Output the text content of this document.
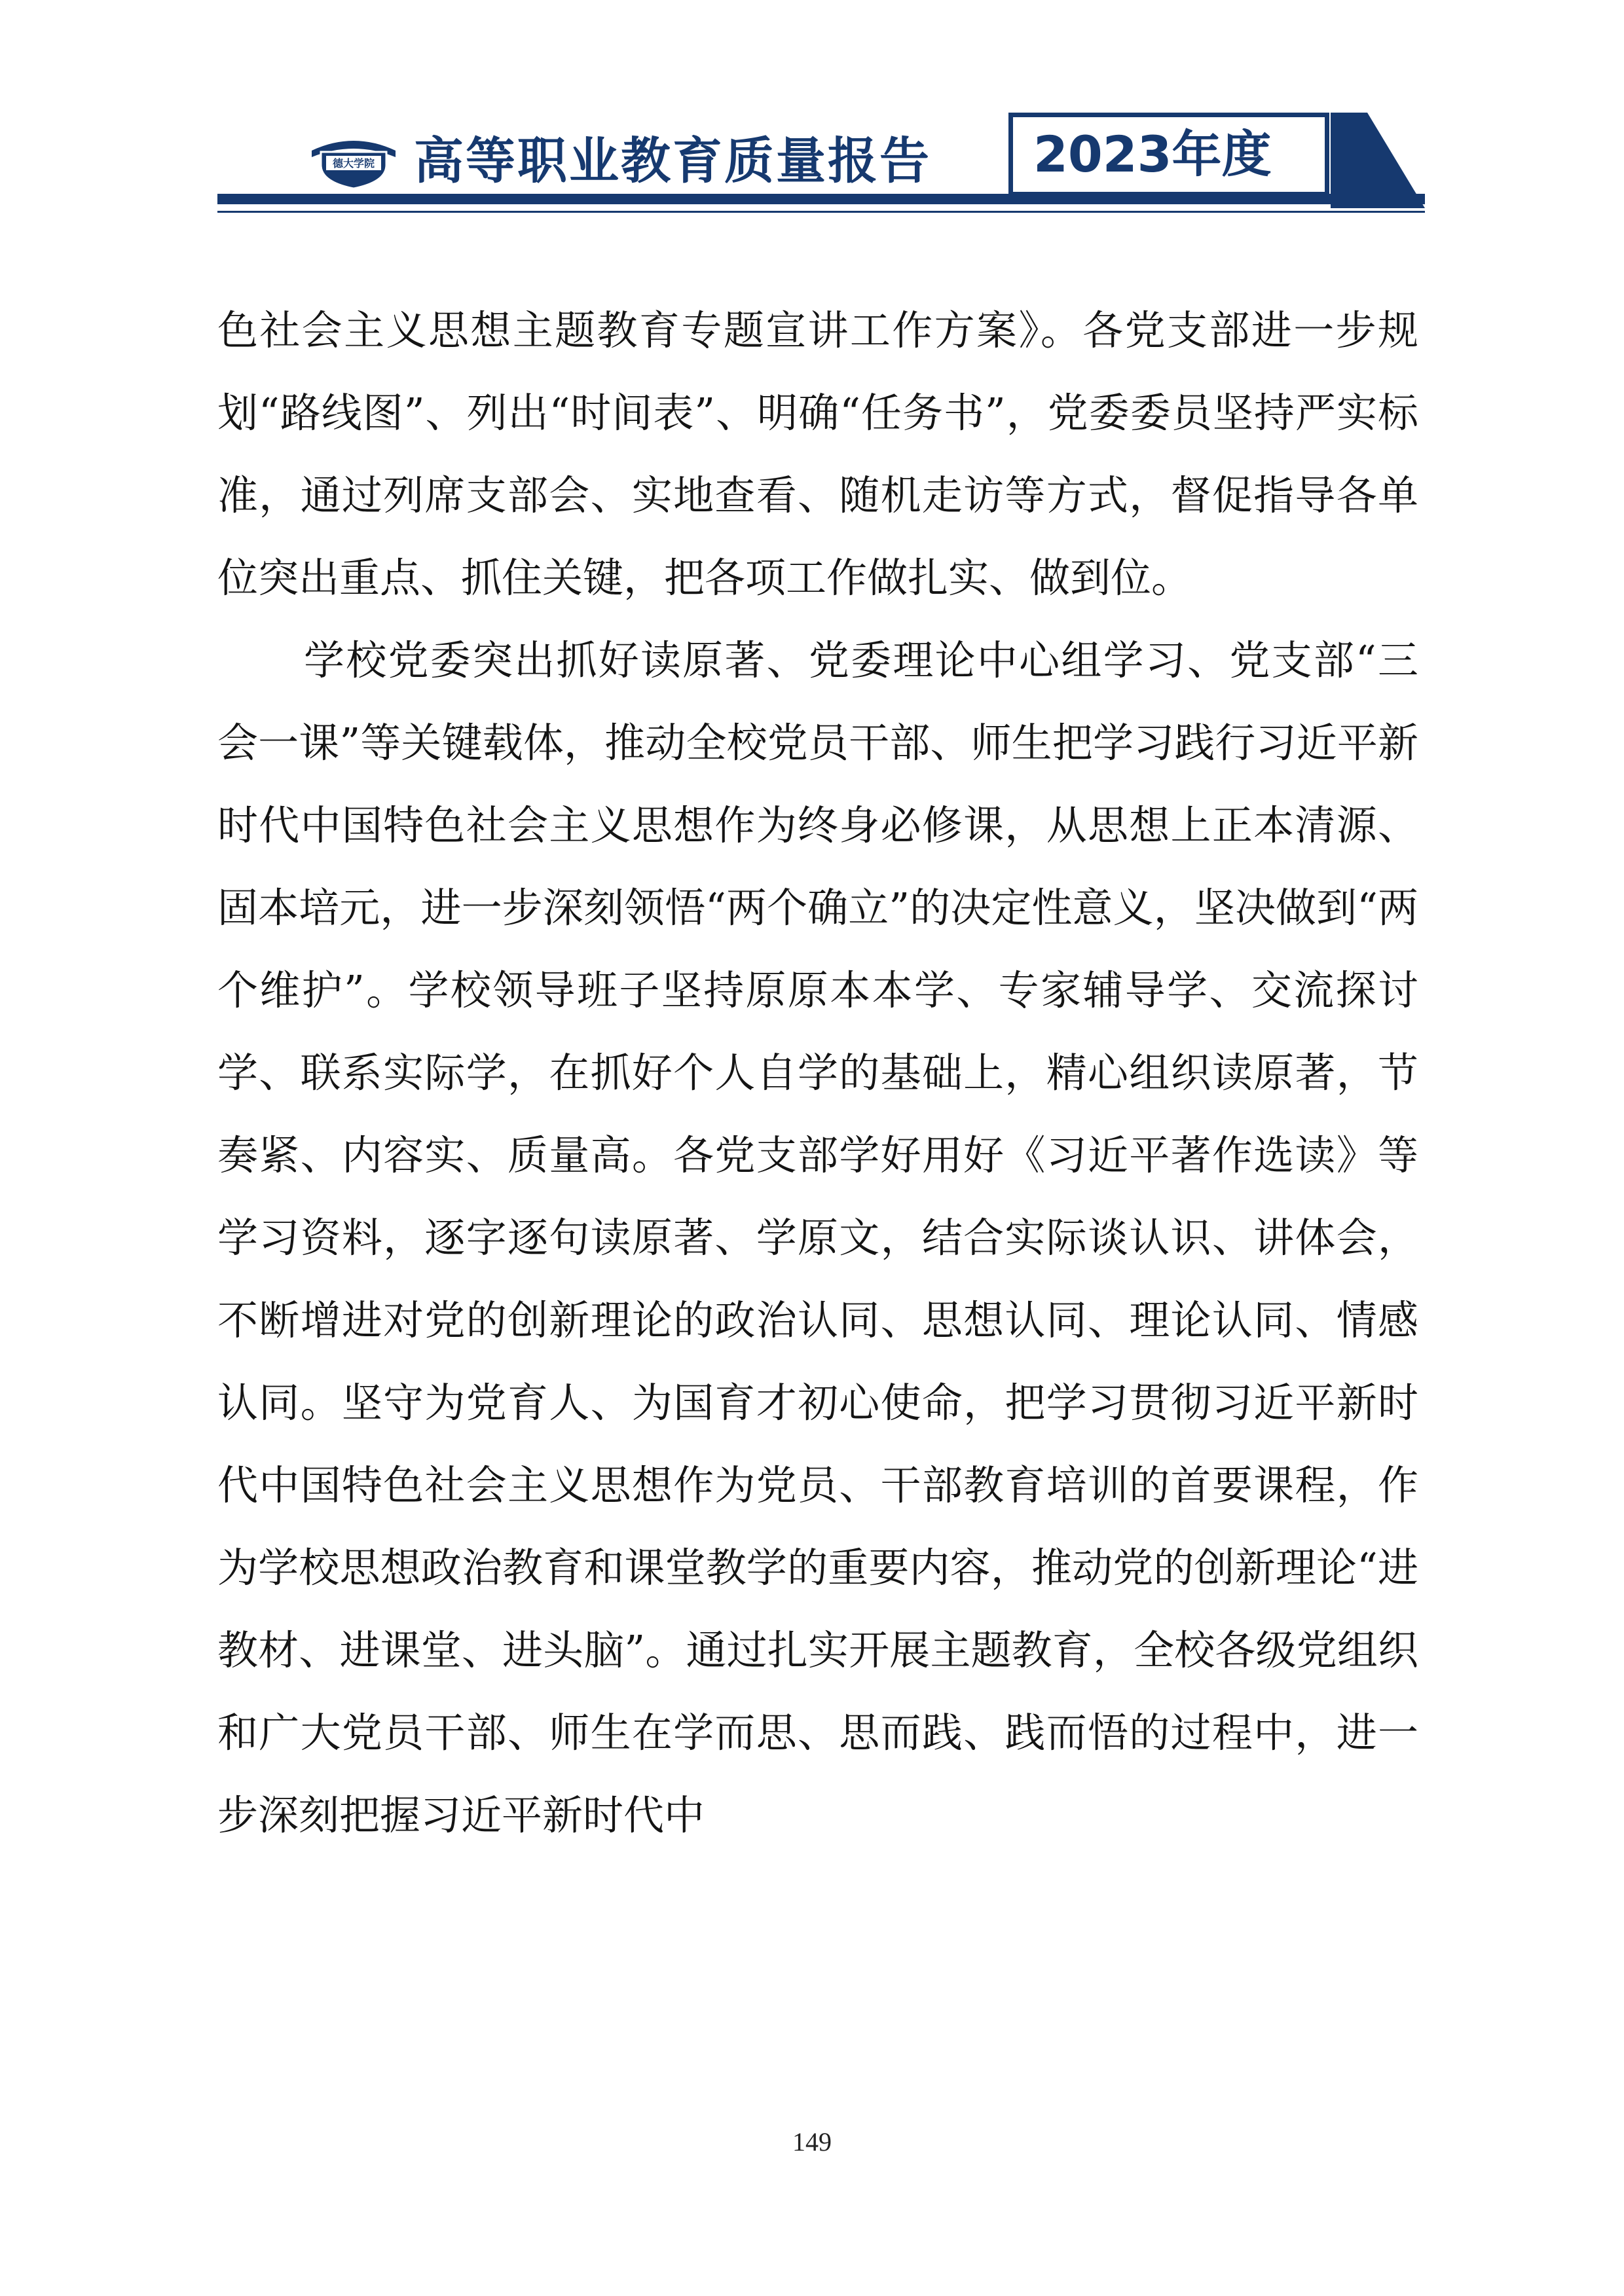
德大学院 高等职业教育质量报告 2023年度

色社会主义思想主题教育专题宣讲工作方案》。各党支部进一步规划“路线图”、列出“时间表”、明确“任务书”，党委委员坚持严实标准，通过列席支部会、实地查看、随机走访等方式，督促指导各单位突出重点、抓住关键，把各项工作做扎实、做到位。

学校党委突出抓好读原著、党委理论中心组学习、党支部“三会一课”等关键载体，推动全校党员干部、师生把学习践行习近平新时代中国特色社会主义思想作为终身必修课，从思想上正本清源、固本培元，进一步深刻领悟“两个确立”的决定性意义，坚决做到“两个维护”。学校领导班子坚持原原本本学、专家辅导学、交流探讨学、联系实际学，在抓好个人自学的基础上，精心组织读原著，节奏紧、内容实、质量高。各党支部学好用好《习近平著作选读》等学习资料，逐字逐句读原著、学原文，结合实际谈认识、讲体会，不断增进对党的创新理论的政治认同、思想认同、理论认同、情感认同。坚守为党育人、为国育才初心使命，把学习贯彻习近平新时代中国特色社会主义思想作为党员、干部教育培训的首要课程，作为学校思想政治教育和课堂教学的重要内容，推动党的创新理论“进教材、进课堂、进头脑”。通过扎实开展主题教育，全校各级党组织和广大党员干部、师生在学而思、思而践、践而悟的过程中，进一步深刻把握习近平新时代中

149
